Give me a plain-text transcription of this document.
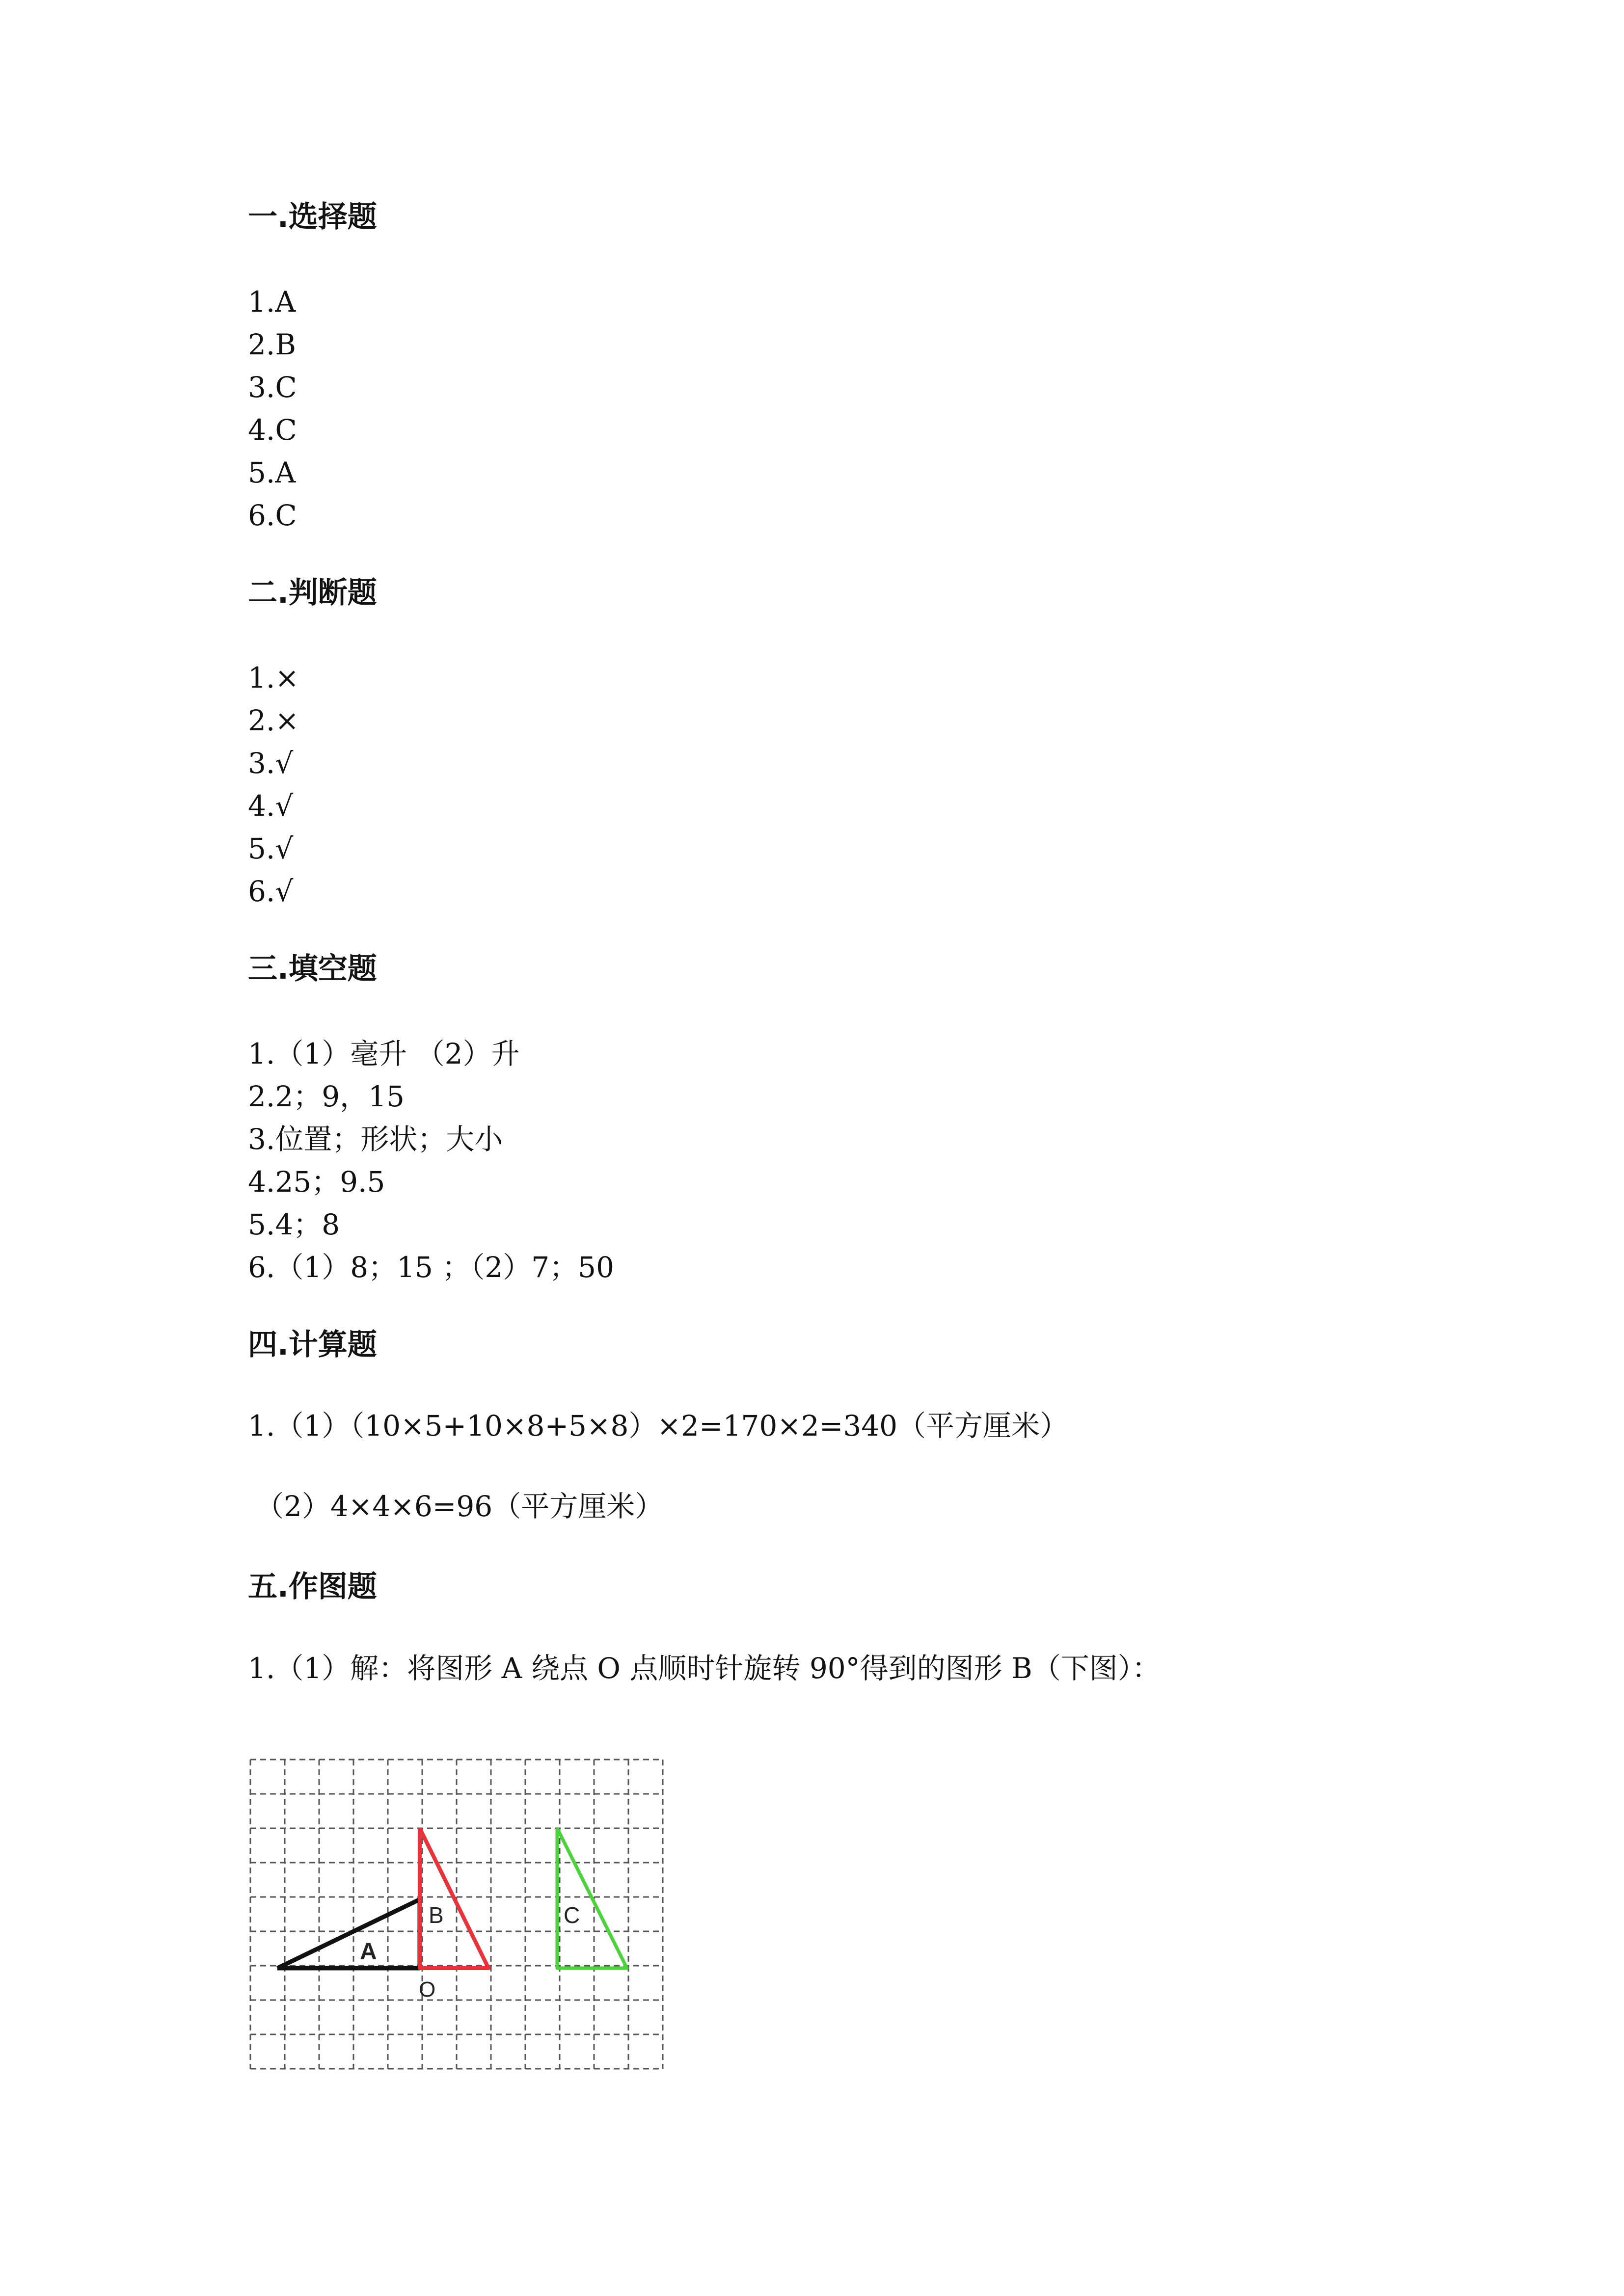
一.选择题

1.A

2.B

3.C

4.C

5.A

6.C

二.判断题

1.×

2.×

3.√

4.√

5.√

6.√

三.填空题

1.（1）毫升 （2）升

2.2；9，15

3.位置；形状；大小

4.25；9.5

5.4；8

6.（1）8；15 ；（2）7；50

四.计算题

1.（1）（10×5+10×8+5×8）×2=170×2=340（平方厘米）

（2）4×4×6=96（平方厘米）

五.作图题

1.（1）解：将图形 A 绕点 O 点顺时针旋转 90°得到的图形 B（下图）：

A
B	C
O
